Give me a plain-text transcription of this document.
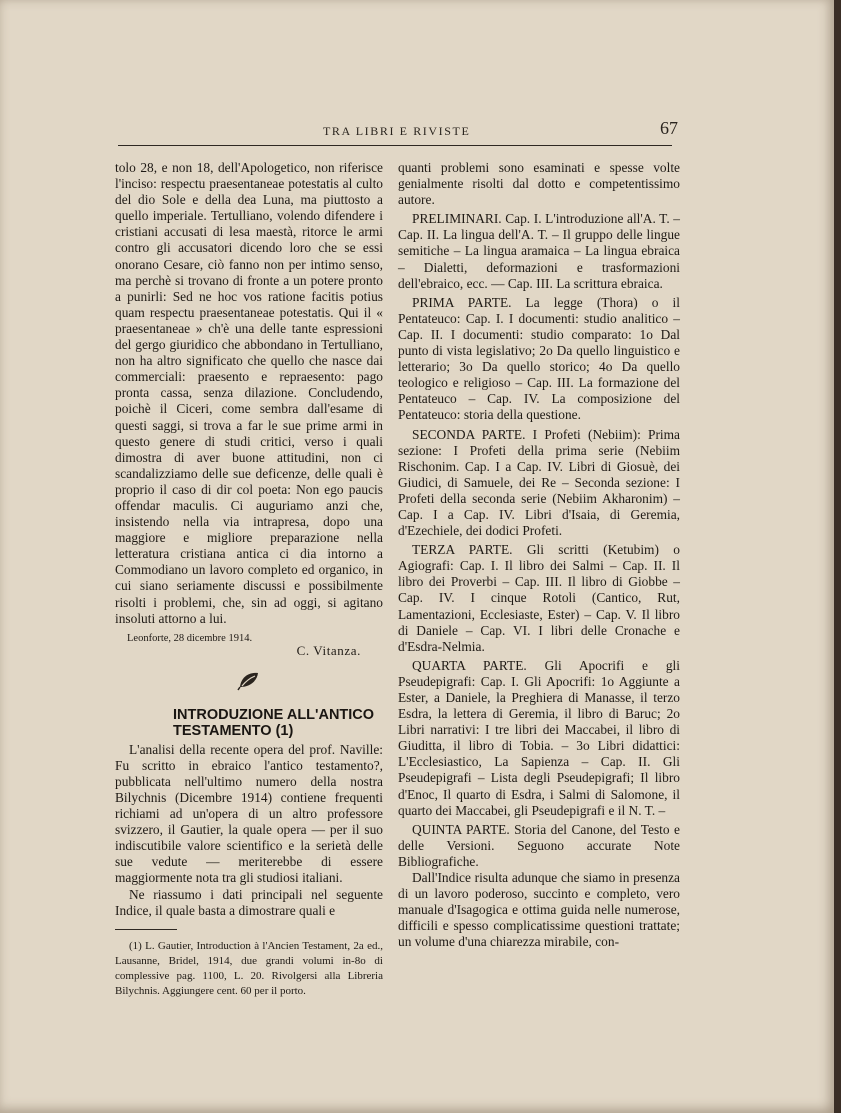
TRA LIBRI E RIVISTE	67

tolo 28, e non 18, dell'Apologetico, non riferisce l'inciso: respectu praesentaneae potestatis al culto del dio Sole e della dea Luna, ma piuttosto a quello imperiale. Tertulliano, volendo difendere i cristiani accusati di lesa maestà, ritorce le armi contro gli accusatori dicendo loro che se essi onorano Cesare, ciò fanno non per intimo senso, ma perchè si trovano di fronte a un potere pronto a punirli: Sed ne hoc vos ratione facitis potius quam respectu praesentaneae potestatis. Qui il « praesentaneae » ch'è una delle tante espressioni del gergo giuridico che abbondano in Tertulliano, non ha altro significato che quello che nasce dai commerciali: praesento e repraesento: pago pronta cassa, senza dilazione. Concludendo, poichè il Ciceri, come sembra dall'esame di questi saggi, si trova a far le sue prime armi in questo genere di studi critici, verso i quali dimostra di aver buone attitudini, non ci scandalizziamo delle sue deficenze, delle quali è proprio il caso di dir col poeta: Non ego paucis offendar maculis. Ci auguriamo anzi che, insistendo nella via intrapresa, dopo una maggiore e migliore preparazione nella letteratura cristiana antica ci dia intorno a Commodiano un lavoro completo ed organico, in cui siano seriamente discussi e possibilmente risolti i problemi, che, sin ad oggi, si agitano insoluti attorno a lui.

Leonforte, 28 dicembre 1914.
C. Vitanza.

INTRODUZIONE ALL'ANTICO TESTAMENTO (1)

L'analisi della recente opera del prof. Naville: Fu scritto in ebraico l'antico testamento?, pubblicata nell'ultimo numero della nostra Bilychnis (Dicembre 1914) contiene frequenti richiami ad un'opera di un altro professore svizzero, il Gautier, la quale opera — per il suo indiscutibile valore scientifico e la serietà delle sue vedute — meriterebbe di essere maggiormente nota tra gli studiosi italiani.

Ne riassumo i dati principali nel seguente Indice, il quale basta a dimostrare quali e

(1) L. Gautier, Introduction à l'Ancien Testament, 2a ed., Lausanne, Bridel, 1914, due grandi volumi in-8o di complessive pag. 1100, L. 20. Rivolgersi alla Libreria Bilychnis. Aggiungere cent. 60 per il porto.

quanti problemi sono esaminati e spesse volte genialmente risolti dal dotto e competentissimo autore.

PRELIMINARI. Cap. I. L'introduzione all'A. T. – Cap. II. La lingua dell'A. T. – Il gruppo delle lingue semitiche – La lingua aramaica – La lingua ebraica – Dialetti, deformazioni e trasformazioni dell'ebraico, ecc. — Cap. III. La scrittura ebraica.

PRIMA PARTE. La legge (Thora) o il Pentateuco: Cap. I. I documenti: studio analitico – Cap. II. I documenti: studio comparato: 1o Dal punto di vista legislativo; 2o Da quello linguistico e letterario; 3o Da quello storico; 4o Da quello teologico e religioso – Cap. III. La formazione del Pentateuco – Cap. IV. La composizione del Pentateuco: storia della questione.

SECONDA PARTE. I Profeti (Nebiim): Prima sezione: I Profeti della prima serie (Nebiim Rischonim. Cap. I a Cap. IV. Libri di Giosuè, dei Giudici, di Samuele, dei Re – Seconda sezione: I Profeti della seconda serie (Nebiim Akharonim) – Cap. I a Cap. IV. Libri d'Isaia, di Geremia, d'Ezechiele, dei dodici Profeti.

TERZA PARTE. Gli scritti (Ketubim) o Agiografi: Cap. I. Il libro dei Salmi – Cap. II. Il libro dei Proverbi – Cap. III. Il libro di Giobbe – Cap. IV. I cinque Rotoli (Cantico, Rut, Lamentazioni, Ecclesiaste, Ester) – Cap. V. Il libro di Daniele – Cap. VI. I libri delle Cronache e d'Esdra-Nelmia.

QUARTA PARTE. Gli Apocrifi e gli Pseudepigrafi: Cap. I. Gli Apocrifi: 1o Aggiunte a Ester, a Daniele, la Preghiera di Manasse, il terzo Esdra, la lettera di Geremia, il libro di Baruc; 2o Libri narrativi: I tre libri dei Maccabei, il libro di Giuditta, il libro di Tobia. – 3o Libri didattici: L'Ecclesiastico, La Sapienza – Cap. II. Gli Pseudepigrafi – Lista degli Pseudepigrafi; Il libro d'Enoc, Il quarto di Esdra, i Salmi di Salomone, il quarto dei Maccabei, gli Pseudepigrafi e il N. T. –

QUINTA PARTE. Storia del Canone, del Testo e delle Versioni. Seguono accurate Note Bibliografiche.

Dall'Indice risulta adunque che siamo in presenza di un lavoro poderoso, succinto e completo, vero manuale d'Isagogica e ottima guida nelle numerose, difficili e spesso complicatissime questioni trattate; un volume d'una chiarezza mirabile, con-
